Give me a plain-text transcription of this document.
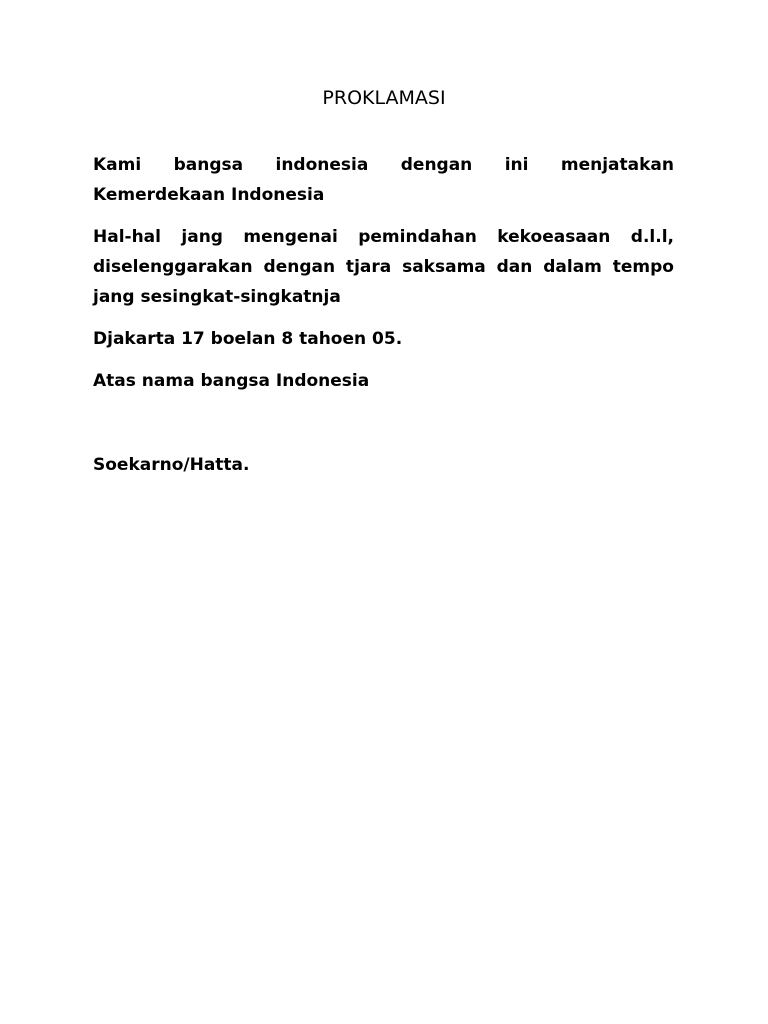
PROKLAMASI

Kami bangsa indonesia dengan ini menjatakan Kemerdekaan Indonesia

Hal-hal jang mengenai pemindahan kekoeasaan d.l.l, diselenggarakan dengan tjara saksama dan dalam tempo jang sesingkat-singkatnja

Djakarta 17 boelan 8 tahoen 05.

Atas nama bangsa Indonesia

Soekarno/Hatta.
